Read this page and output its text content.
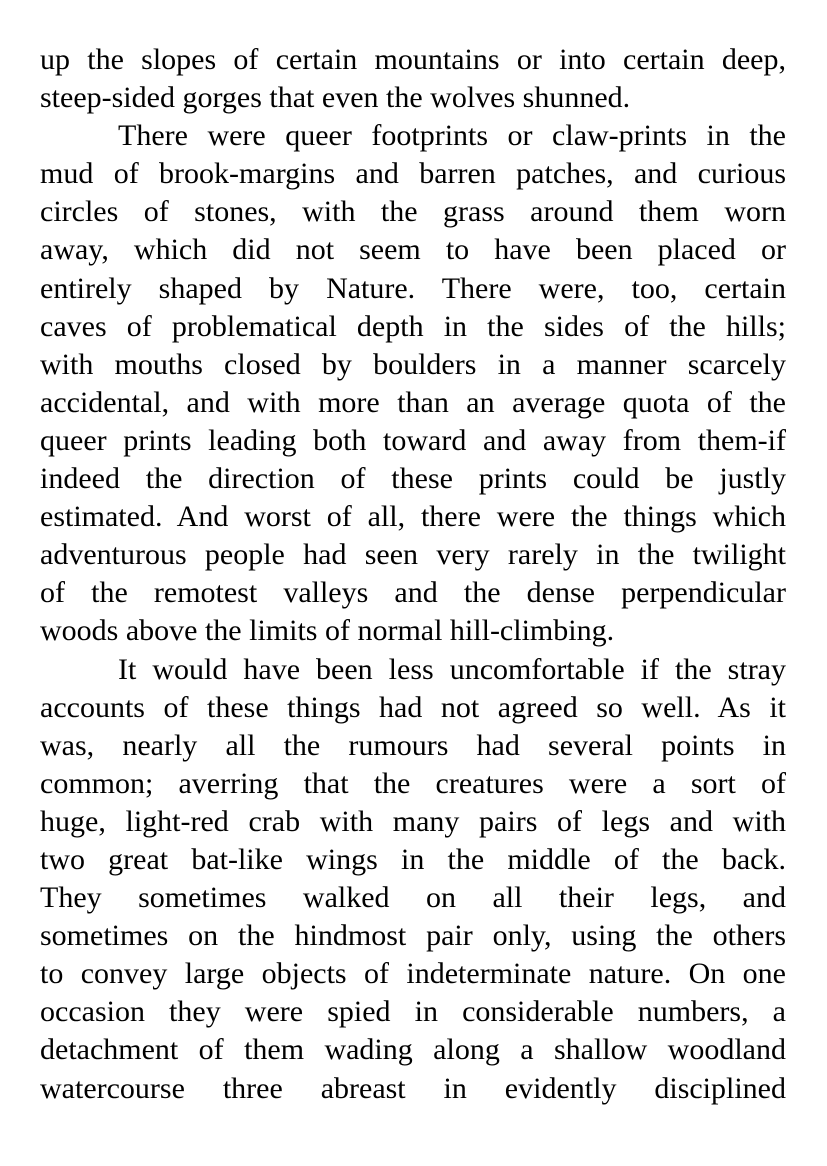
up the slopes of certain mountains or into certain deep,
steep-sided gorges that even the wolves shunned.
There were queer footprints or claw-prints in the
mud of brook-margins and barren patches, and curious
circles of stones, with the grass around them worn
away, which did not seem to have been placed or
entirely shaped by Nature. There were, too, certain
caves of problematical depth in the sides of the hills;
with mouths closed by boulders in a manner scarcely
accidental, and with more than an average quota of the
queer prints leading both toward and away from them-if
indeed the direction of these prints could be justly
estimated. And worst of all, there were the things which
adventurous people had seen very rarely in the twilight
of the remotest valleys and the dense perpendicular
woods above the limits of normal hill-climbing.
It would have been less uncomfortable if the stray
accounts of these things had not agreed so well. As it
was, nearly all the rumours had several points in
common; averring that the creatures were a sort of
huge, light-red crab with many pairs of legs and with
two great bat-like wings in the middle of the back.
They sometimes walked on all their legs, and
sometimes on the hindmost pair only, using the others
to convey large objects of indeterminate nature. On one
occasion they were spied in considerable numbers, a
detachment of them wading along a shallow woodland
watercourse three abreast in evidently disciplined
